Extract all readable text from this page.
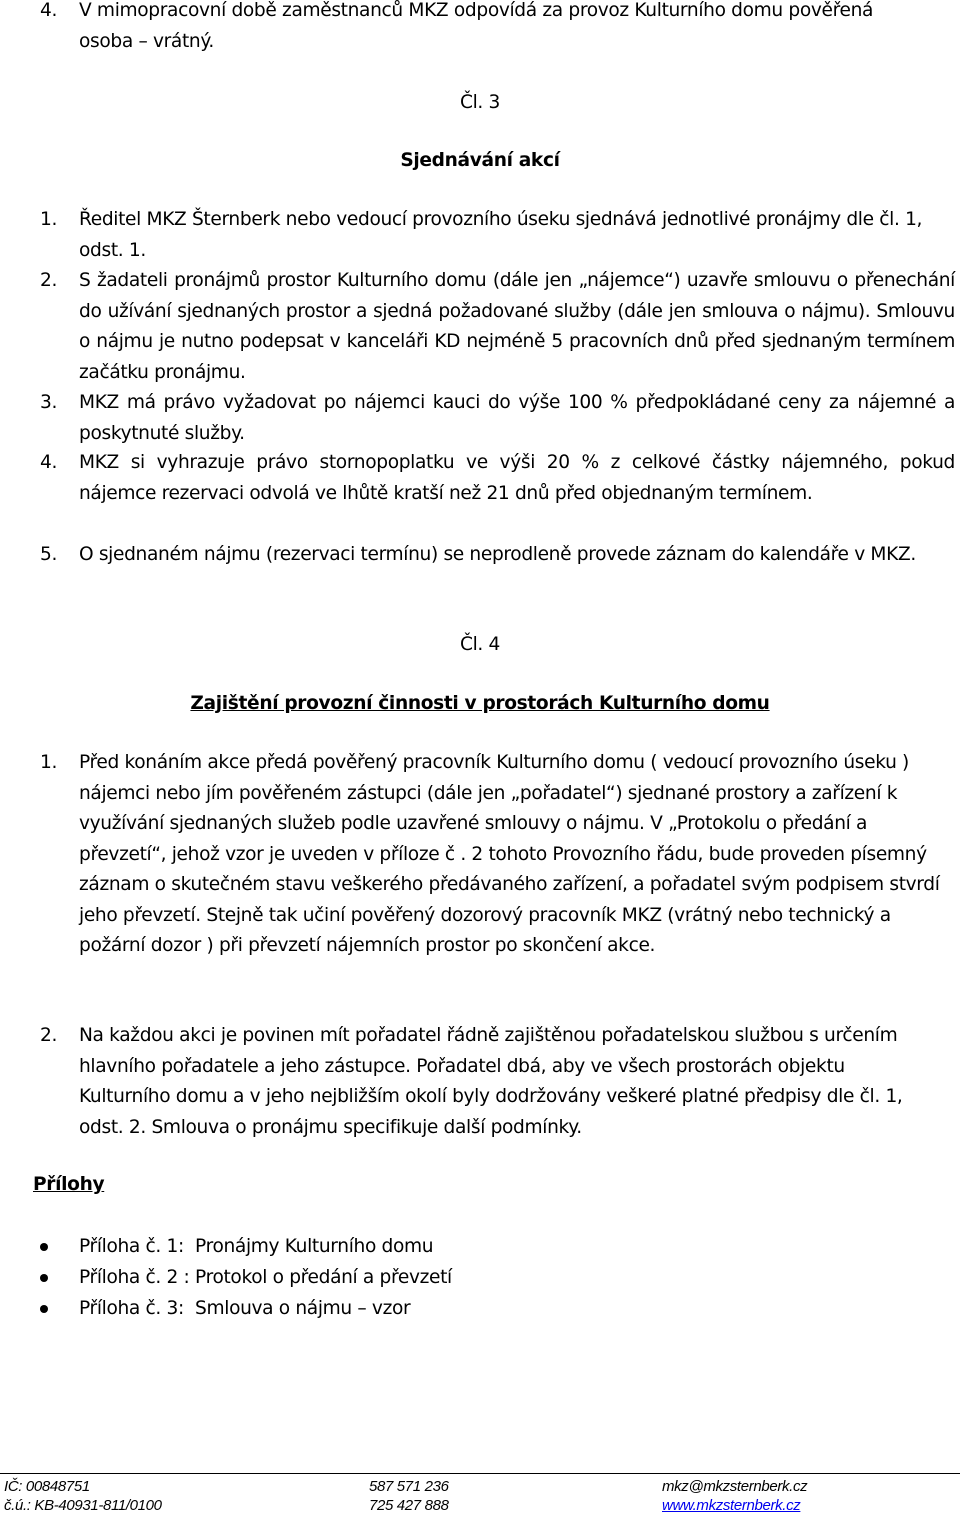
4. V mimopracovní době zaměstnanců MKZ odpovídá za provoz Kulturního domu pověřená osoba – vrátný.
Čl. 3
Sjednávání akcí
1. Ředitel MKZ Šternberk nebo vedoucí provozního úseku sjednává jednotlivé pronájmy dle čl. 1, odst. 1.
2. S žadateli pronájmů prostor Kulturního domu (dále jen „nájemce“) uzavře smlouvu o přenechání do užívání sjednaných prostor a sjedná požadované služby (dále jen smlouva o nájmu). Smlouvu o nájmu je nutno podepsat v kanceláři KD nejméně 5 pracovních dnů před sjednaným termínem začátku pronájmu.
3. MKZ má právo vyžadovat po nájemci kauci do výše 100 % předpokládané ceny za nájemné a poskytnuté služby.
4. MKZ si vyhrazuje právo stornopoplatku ve výši 20 % z celkové částky nájemného, pokud nájemce rezervaci odvolá ve lhůtě kratší než 21 dnů před objednaným termínem.
5. O sjednaném nájmu (rezervaci termínu) se neprodleně provede záznam do kalendáře v MKZ.
Čl. 4
Zajištění provozní činnosti v prostorách Kulturního domu
1. Před konáním akce předá pověřený pracovník Kulturního domu ( vedoucí provozního úseku ) nájemci nebo jím pověřeném zástupci (dále jen „pořadatel“) sjednané prostory a zařízení k využívání sjednaných služeb podle uzavřené smlouvy o nájmu. V „Protokolu o předání a převzetí“, jehož vzor je uveden v příloze č . 2 tohoto Provozního řádu, bude proveden písemný záznam o skutečném stavu veškerého předávaného zařízení, a pořadatel svým podpisem stvrdí jeho převzetí. Stejně tak učiní pověřený dozorový pracovník MKZ (vrátný nebo technický a požární dozor ) při převzetí nájemních prostor po skončení akce.
2. Na každou akci je povinen mít pořadatel řádně zajištěnou pořadatelskou službou s určením hlavního pořadatele a jeho zástupce. Pořadatel dbá, aby ve všech prostorách objektu Kulturního domu a v jeho nejbližším okolí byly dodržovány veškeré platné předpisy dle čl. 1, odst. 2. Smlouva o pronájmu specifikuje další podmínky.
Přílohy
Příloha č. 1:  Pronájmy Kulturního domu
Příloha č. 2 : Protokol o předání a převzetí
Příloha č. 3:  Smlouva o nájmu – vzor
IČ: 00848751
č.ú.: KB-40931-811/0100
587 571 236
725 427 888
mkz@mkzsternberk.cz
www.mkzsternberk.cz
